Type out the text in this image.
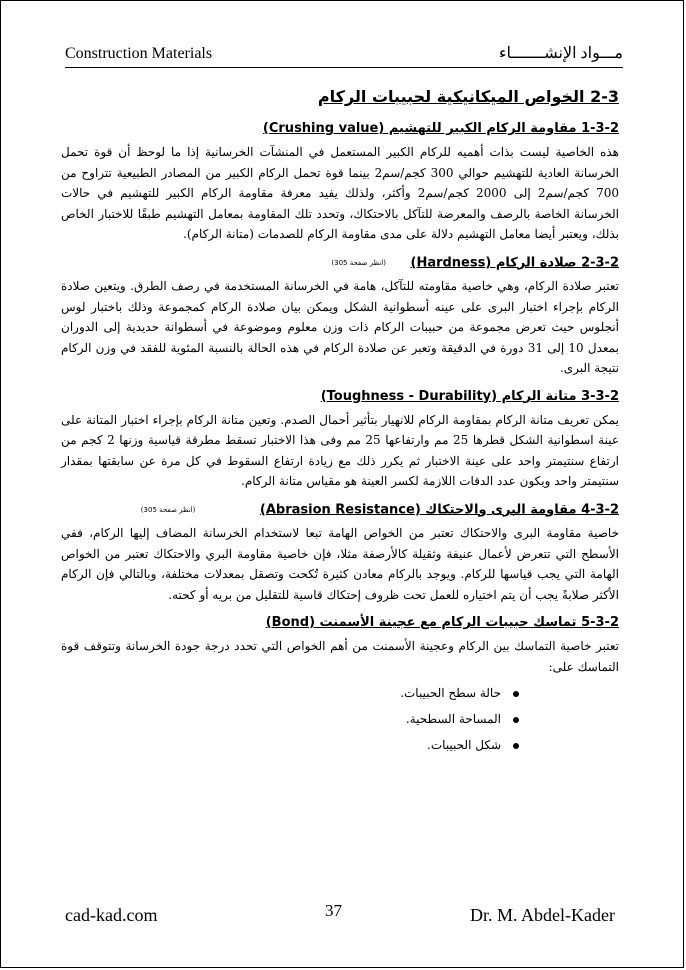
Construction Materials	مـــواد الإنشـــــــاء
2-3 الخواص الميكانيكية لحبيبات الركام
1-3-2 مقاومة الركام الكبير للتهشيم (Crushing value)

هذه الخاصية ليست بذات أهميه للركام الكبير المستعمل في المنشآت الخرسانية إذا ما لوحظ أن قوة تحمل الخرسانة العادية للتهشيم حوالي 300 كجم/سم2 بينما قوة تحمل الركام الكبير من المصادر الطبيعية تتراوح من 700 كجم/سم2 إلى 2000 كجم/سم2 وأكثر، ولذلك يفيد معرفة مقاومة الركام الكبير للتهشيم في حالات الخرسانة الخاصة بالرصف والمعرضة للتآكل بالاحتكاك، وتحدد تلك المقاومة بمعامل التهشيم طبقًا للاختبار الخاص بذلك، ويعتبر أيضا معامل التهشيم دلالة على مدى مقاومة الركام للصدمات (متانة الركام).

2-3-2 صلادة الركام (Hardness) (انظر صفحة 305)

تعتبر صلادة الركام، وهي خاصية مقاومته للتآكل، هامة في الخرسانة المستخدمة في رصف الطرق. ويتعين صلادة الركام بإجراء اختبار البرى على عينه أسطوانية الشكل ويمكن بيان صلادة الركام كمجموعة وذلك باختبار لوس أنجلوس حيث تعرض مجموعة من حبيبات الركام ذات وزن معلوم وموضوعة في أسطوانة حديدية إلى الدوران بمعدل 10 إلى 31 دورة في الدقيقة وتعبر عن صلادة الركام في هذه الحالة بالنسبة المئوية للفقد في وزن الركام نتيجة البرى.

3-3-2 متانة الركام (Toughness - Durability)

يمكن تعريف متانة الركام بمقاومة الركام للانهيار بتأثير أحمال الصدم. وتعين متانة الركام بإجراء اختبار المتانة على عينة اسطوانية الشكل قطرها 25 مم وارتفاعها 25 مم وفى هذا الاختبار تسقط مطرقة قياسية وزنها 2 كجم من ارتفاع سنتيمتر واحد على عينة الاختبار ثم يكرر ذلك مع زيادة ارتفاع السقوط في كل مرة عن سابقتها بمقدار سنتيمتر واحد ويكون عدد الدقات اللازمة لكسر العينة هو مقياس متانة الركام.

4-3-2 مقاومة البرى والاحتكاك (Abrasion Resistance) (انظر صفحة 305)

خاصية مقاومة البرى والاحتكاك تعتبر من الخواص الهامة تبعا لاستخدام الخرسانة المضاف إليها الركام، ففي الأسطح التي تتعرض لأعمال عنيفة وثقيلة كالأرصفة مثلا، فإن خاصية مقاومة البري والاحتكاك تعتبر من الخواص الهامة التي يجب قياسها للركام. ويوجد بالركام معادن كثيرة تُكحت وتصقل بمعدلات مختلفة، وبالتالي فإن الركام الأكثر صلابةً يجب أن يتم اختياره للعمل تحت ظروف إحتكاك قاسية للتقليل من بريه أو كحته.

5-3-2 تماسك حبيبات الركام مع عجينة الأسمنت (Bond)

تعتبر خاصية التماسك بين الركام وعجينة الأسمنت من أهم الخواص التي تحدد درجة جودة الخرسانة وتتوقف قوة التماسك على:

حالة سطح الحبيبات.
المساحة السطحية.
شكل الحبيبات.
cad-kad.com	37	Dr. M. Abdel-Kader
